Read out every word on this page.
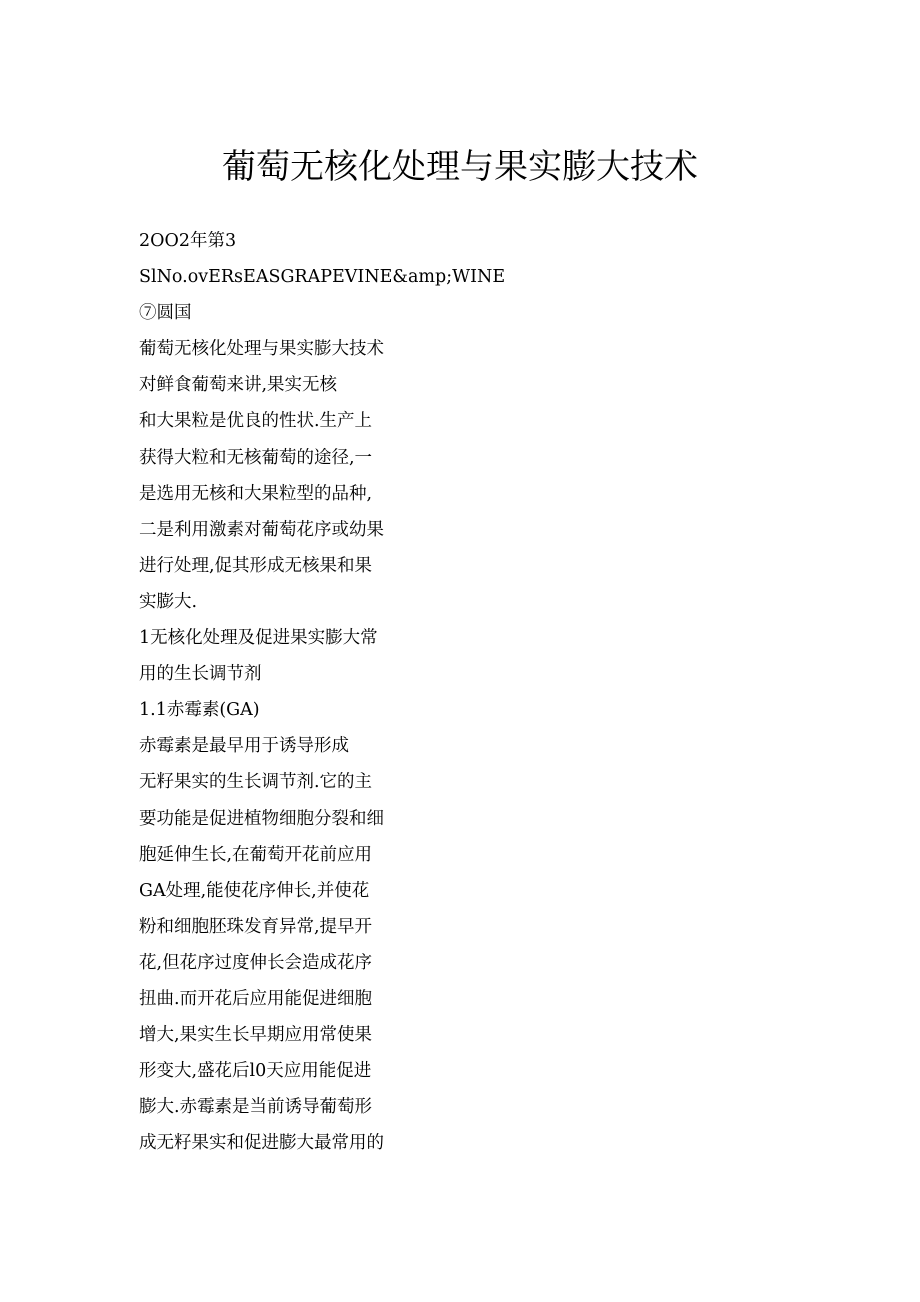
葡萄无核化处理与果实膨大技术
2OO2年第3
SlNo.ovERsEASGRAPEVINE&amp;WINE
⑦圆国
葡萄无核化处理与果实膨大技术
对鲜食葡萄来讲,果实无核
和大果粒是优良的性状.生产上
获得大粒和无核葡萄的途径,一
是选用无核和大果粒型的品种,
二是利用激素对葡萄花序或幼果
进行处理,促其形成无核果和果
实膨大.
1无核化处理及促进果实膨大常
用的生长调节剂
1.1赤霉素(GA)
赤霉素是最早用于诱导形成
无籽果实的生长调节剂.它的主
要功能是促进植物细胞分裂和细
胞延伸生长,在葡萄开花前应用
GA处理,能使花序伸长,并使花
粉和细胞胚珠发育异常,提早开
花,但花序过度伸长会造成花序
扭曲.而开花后应用能促进细胞
增大,果实生长早期应用常使果
形变大,盛花后l0天应用能促进
膨大.赤霉素是当前诱导葡萄形
成无籽果实和促进膨大最常用的
